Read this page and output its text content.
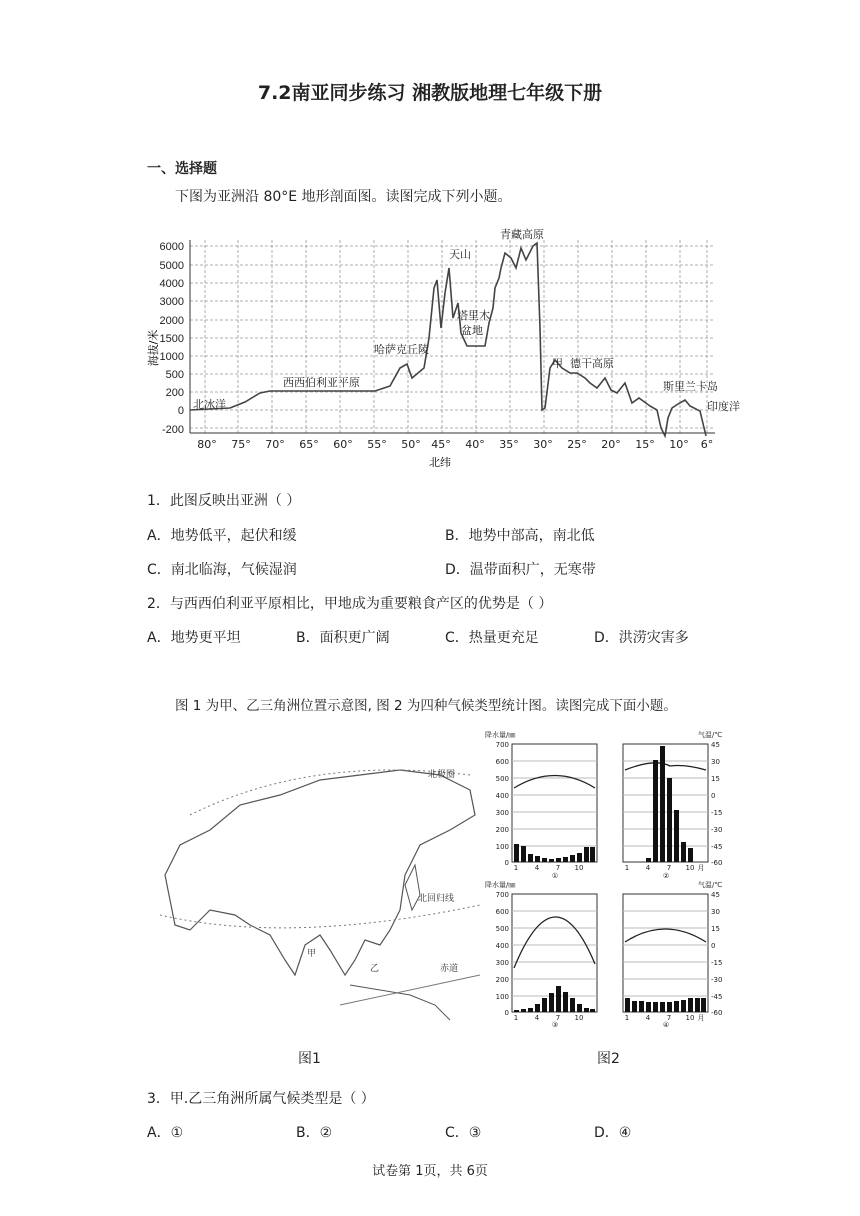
7.2南亚同步练习 湘教版地理七年级下册
一、选择题
下图为亚洲沿 80°E 地形剖面图。读图完成下列小题。
6000
5000
4000
3000
2000
1500
1000
500
200
0
-200
海拔/米
80° 75° 70° 65° 60° 55° 50° 45° 40° 35° 30° 25° 20° 15° 10° 6°
北纬
北冰洋
西西伯利亚平原
哈萨克丘陵
天山
塔里木
盆地
青藏高原
甲 德干高原
斯里兰卡岛
印度洋
1．此图反映出亚洲（ ）
A．地势低平，起伏和缓	B．地势中部高，南北低
C．南北临海，气候湿润	D．温带面积广，无寒带
2．与西西伯利亚平原相比，甲地成为重要粮食产区的优势是（ ）
A．地势更平坦	B．面积更广阔	C．热量更充足	D．洪涝灾害多
图 1 为甲、乙三角洲位置示意图, 图 2 为四种气候类型统计图。读图完成下面小题。
北极圈
北回归线
赤道
甲
乙
图1
降水量/㎜	气温/℃
降水量/㎜	气温/℃
700
600
500
400
300
200
100
0
700
600
500
400
300
200
100
0
45
30
15
0
-15
-30
-45
-60
45
30
15
0
-15
-30
-45
-60
1 4 7 10
①
1 4 7 10 月
②
1 4 7 10
③
1 4 7 10 月
④
图2
3．甲.乙三角洲所属气候类型是（ ）
A．①	B．②	C．③	D．④
试卷第 1页，共 6页
